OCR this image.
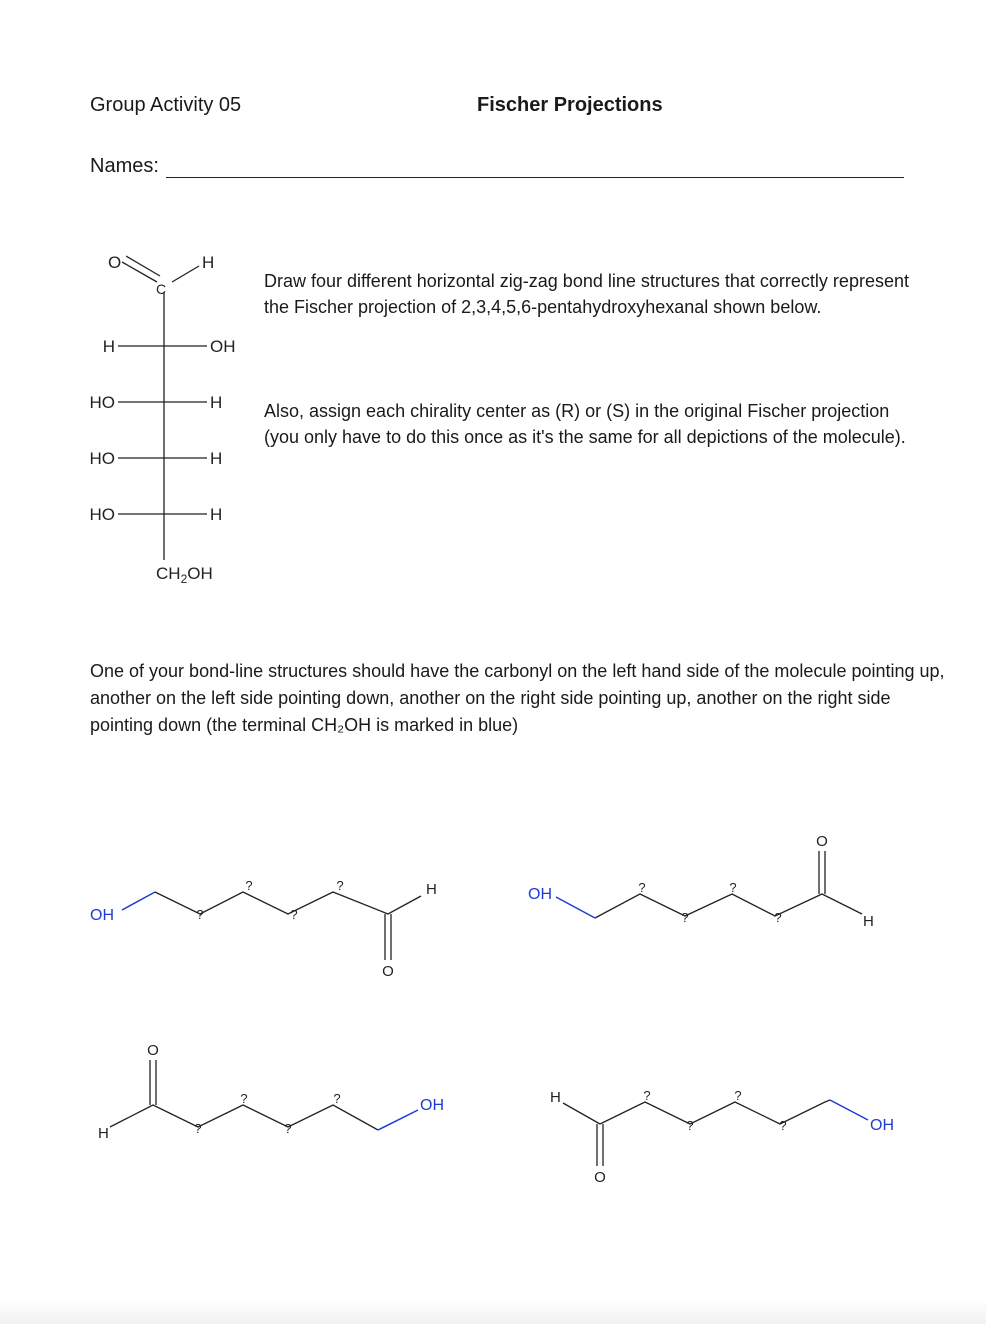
Group Activity 05	Fischer Projections
Names:

Draw four different horizontal zig-zag bond line structures that correctly represent the Fischer projection of 2,3,4,5,6-pentahydroxyhexanal shown below.

Also, assign each chirality center as (R) or (S) in the original Fischer projection (you only have to do this once as it's the same for all depictions of the molecule).

One of your bond-line structures should have the carbonyl on the left hand side of the molecule pointing up, another on the left side pointing down, another on the right side pointing up, another on the right side pointing down (the terminal CH₂OH is marked in blue)

O
C
H
H	OH
HO	H
HO	H
HO	H
$CH_2OH$
OH
O
H
?
?
?
?
OH
O
H
?
?
?
?
O
H
OH
?
?
?
?	H
O
OH
?
?
?
?
